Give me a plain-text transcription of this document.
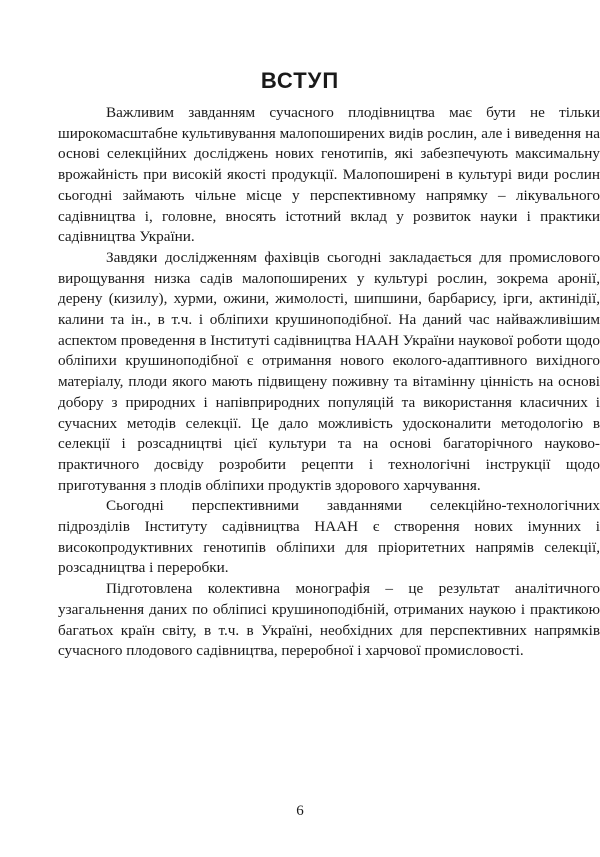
ВСТУП

Важливим завданням сучасного плодівництва має бути не тільки широкомасштабне культивування малопоширених видів рослин, але і виведення на основі селекційних досліджень нових генотипів, які забезпечують максимальну врожайність при високій якості продукції. Малопоширені в культурі види рослин сьогодні займають чільне місце у перспективному напрямку – лікувального садівництва і, головне, вносять істотний вклад у розвиток науки і практики садівництва України.

Завдяки дослідженням фахівців сьогодні закладається для промислового вирощування низка садів малопоширених у культурі рослин, зокрема аронії, дерену (кизилу), хурми, ожини, жимолості, шипшини, барбарису, ірги, актинідії, калини та ін., в т.ч. і обліпихи крушиноподібної. На даний час найважливішим аспектом проведення в Інституті садівництва НААН України наукової роботи щодо обліпихи крушиноподібної є отримання нового еколого-адаптивного вихідного матеріалу, плоди якого мають підвищену поживну та вітамінну цінність на основі добору з природних і напівприродних популяцій та використання класичних і сучасних методів селекції. Це дало можливість удосконалити методологію в селекції і розсадництві цієї культури та на основі багаторічного науково-практичного досвіду розробити рецепти і технологічні інструкції щодо приготування з плодів обліпихи продуктів здорового харчування.

Сьогодні перспективними завданнями селекційно-технологічних підрозділів Інституту садівництва НААН є створення нових імунних і високопродуктивних генотипів обліпихи для пріоритетних напрямів селекції, розсадництва і переробки.

Підготовлена колективна монографія – це результат аналітичного узагальнення даних по обліписі крушиноподібній, отриманих наукою і практикою багатьох країн світу, в т.ч. в Україні, необхідних для перспективних напрямків сучасного плодового садівництва, переробної і харчової промисловості.

6
